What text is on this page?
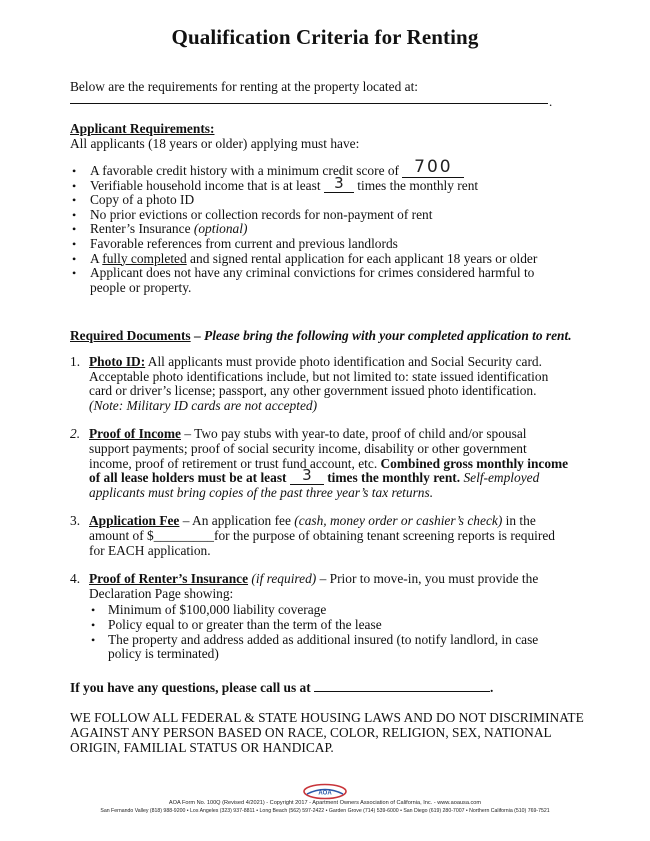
Qualification Criteria for Renting
Below are the requirements for renting at the property located at:
.
Applicant Requirements:
All applicants (18 years or older) applying must have:
• A favorable credit history with a minimum credit score of 700
• Verifiable household income that is at least 3 times the monthly rent
• Copy of a photo ID
• No prior evictions or collection records for non-payment of rent
• Renter’s Insurance (optional)
• Favorable references from current and previous landlords
• A fully completed and signed rental application for each applicant 18 years or older
• Applicant does not have any criminal convictions for crimes considered harmful to people or property.
Required Documents – Please bring the following with your completed application to rent.
1. Photo ID: All applicants must provide photo identification and Social Security card. Acceptable photo identifications include, but not limited to: state issued identification card or driver’s license; passport, any other government issued photo identification. (Note: Military ID cards are not accepted)
2. Proof of Income – Two pay stubs with year-to date, proof of child and/or spousal support payments; proof of social security income, disability or other government income, proof of retirement or trust fund account, etc. Combined gross monthly income of all lease holders must be at least 3 times the monthly rent. Self-employed applicants must bring copies of the past three year’s tax returns.
3. Application Fee – An application fee (cash, money order or cashier’s check) in the amount of $_________for the purpose of obtaining tenant screening reports is required for EACH application.
4. Proof of Renter’s Insurance (if required) – Prior to move-in, you must provide the Declaration Page showing:
• Minimum of $100,000 liability coverage
• Policy equal to or greater than the term of the lease
• The property and address added as additional insured (to notify landlord, in case policy is terminated)
If you have any questions, please call us at	.
WE FOLLOW ALL FEDERAL & STATE HOUSING LAWS AND DO NOT DISCRIMINATE AGAINST ANY PERSON BASED ON RACE, COLOR, RELIGION, SEX, NATIONAL ORIGIN, FAMILIAL STATUS OR HANDICAP.
AOA
AOA Form No. 100Q (Revised 4/2021) - Copyright 2017 - Apartment Owners Association of California, Inc. - www.aoausa.com
San Fernando Valley (818) 988-9200 • Los Angeles (323) 937-8811 • Long Beach (562) 597-2422 • Garden Grove (714) 539-6000 • San Diego (619) 280-7007 • Northern California (510) 769-7521
